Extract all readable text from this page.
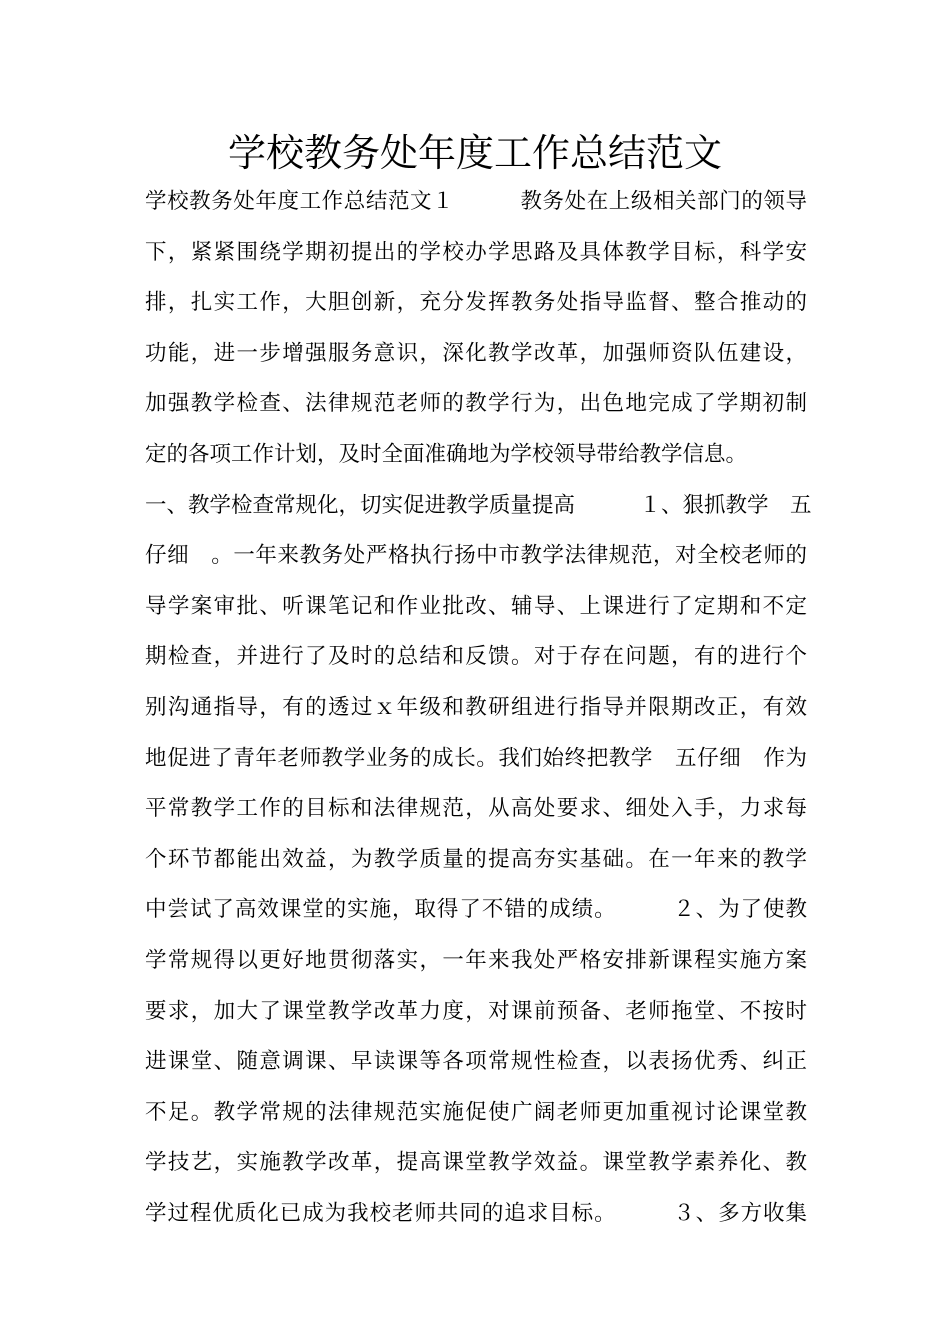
学校教务处年度工作总结范文
学校教务处年度工作总结范文１　　　教务处在上级相关部门的领导
下，紧紧围绕学期初提出的学校办学思路及具体教学目标，科学安
排，扎实工作，大胆创新，充分发挥教务处指导监督、整合推动的
功能，进一步增强服务意识，深化教学改革，加强师资队伍建设，
加强教学检查、法律规范老师的教学行为，出色地完成了学期初制
定的各项工作计划，及时全面准确地为学校领导带给教学信息。
一、教学检查常规化，切实促进教学质量提高　　　１、狠抓教学　五
仔细　。一年来教务处严格执行扬中市教学法律规范，对全校老师的
导学案审批、听课笔记和作业批改、辅导、上课进行了定期和不定
期检查，并进行了及时的总结和反馈。对于存在问题，有的进行个
别沟通指导，有的透过ｘ年级和教研组进行指导并限期改正，有效
地促进了青年老师教学业务的成长。我们始终把教学　五仔细　作为
平常教学工作的目标和法律规范，从高处要求、细处入手，力求每
个环节都能出效益，为教学质量的提高夯实基础。在一年来的教学
中尝试了高效课堂的实施，取得了不错的成绩。　　　２、为了使教
学常规得以更好地贯彻落实，一年来我处严格安排新课程实施方案
要求，加大了课堂教学改革力度，对课前预备、老师拖堂、不按时
进课堂、随意调课、早读课等各项常规性检查，以表扬优秀、纠正
不足。教学常规的法律规范实施促使广阔老师更加重视讨论课堂教
学技艺，实施教学改革，提高课堂教学效益。课堂教学素养化、教
学过程优质化已成为我校老师共同的追求目标。　　　３、多方收集
